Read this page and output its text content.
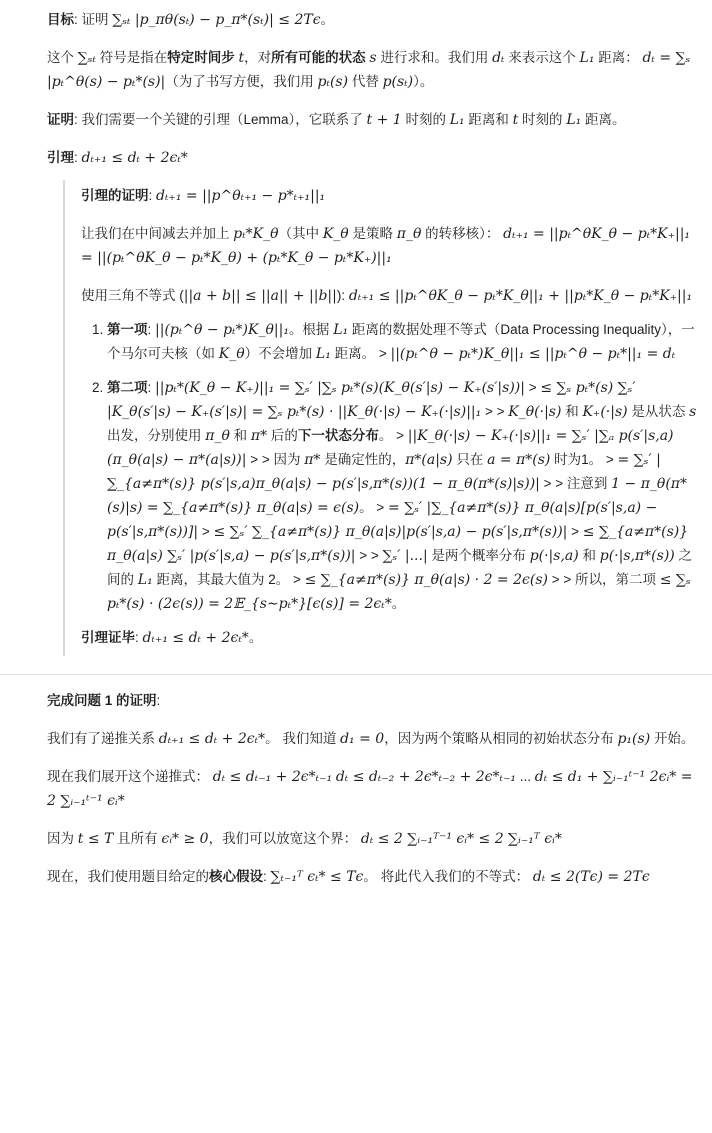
目标: 证明 ∑ₛₜ |p_πθ(sₜ) − p_π*(sₜ)| ≤ 2Tϵ。

这个 ∑ₛₜ 符号是指在特定时间步 t，对所有可能的状态 s 进行求和。我们用 dₜ 来表示这个 L₁ 距离： dₜ = ∑ₛ |pₜ^θ(s) − pₜ*(s)|（为了书写方便，我们用 pₜ(s) 代替 p(sₜ)）。

证明: 我们需要一个关键的引理（Lemma），它联系了 t + 1 时刻的 L₁ 距离和 t 时刻的 L₁ 距离。

引理: dₜ₊₁ ≤ dₜ + 2ϵₜ*

引理的证明: dₜ₊₁ = ||p^θₜ₊₁ − p*ₜ₊₁||₁

让我们在中间减去并加上 pₜ*K_θ（其中 K_θ 是策略 π_θ 的转移核）： dₜ₊₁ = ||pₜ^θK_θ − pₜ*K₊||₁ = ||(pₜ^θK_θ − pₜ*K_θ) + (pₜ*K_θ − pₜ*K₊)||₁

使用三角不等式 (||a + b|| ≤ ||a|| + ||b||): dₜ₊₁ ≤ ||pₜ^θK_θ − pₜ*K_θ||₁ + ||pₜ*K_θ − pₜ*K₊||₁

1. 第一项: ||(pₜ^θ − pₜ*)K_θ||₁。根据 L₁ 距离的数据处理不等式（Data Processing Inequality），一个马尔可夫核（如 K_θ）不会增加 L₁ 距离。 > ||(pₜ^θ − pₜ*)K_θ||₁ ≤ ||pₜ^θ − pₜ*||₁ = dₜ
2. 第二项: ||pₜ*(K_θ − K₊)||₁ = ∑ₛ′ |∑ₛ pₜ*(s)(K_θ(s′|s) − K₊(s′|s))| > ≤ ∑ₛ pₜ*(s) ∑ₛ′ |K_θ(s′|s) − K₊(s′|s)| = ∑ₛ pₜ*(s) · ||K_θ(·|s) − K₊(·|s)||₁ > > K_θ(·|s) 和 K₊(·|s) 是从状态 s 出发，分别使用 π_θ 和 π* 后的下一状态分布。 > ||K_θ(·|s) − K₊(·|s)||₁ = ∑ₛ′ |∑ₐ p(s′|s,a)(π_θ(a|s) − π*(a|s))| > > 因为 π* 是确定性的，π*(a|s) 只在 a = π*(s) 时为1。 > = ∑ₛ′ |∑_{a≠π*(s)} p(s′|s,a)π_θ(a|s) − p(s′|s,π*(s))(1 − π_θ(π*(s)|s))| > > 注意到 1 − π_θ(π*(s)|s) = ∑_{a≠π*(s)} π_θ(a|s) = ϵ(s)。 > = ∑ₛ′ |∑_{a≠π*(s)} π_θ(a|s)[p(s′|s,a) − p(s′|s,π*(s))]| > ≤ ∑ₛ′ ∑_{a≠π*(s)} π_θ(a|s)|p(s′|s,a) − p(s′|s,π*(s))| > ≤ ∑_{a≠π*(s)} π_θ(a|s) ∑ₛ′ |p(s′|s,a) − p(s′|s,π*(s))| > > ∑ₛ′ |...| 是两个概率分布 p(·|s,a) 和 p(·|s,π*(s)) 之间的 L₁ 距离，其最大值为 2。 > ≤ ∑_{a≠π*(s)} π_θ(a|s) · 2 = 2ϵ(s) > > 所以，第二项 ≤ ∑ₛ pₜ*(s) · (2ϵ(s)) = 2𝔼_{s∼pₜ*}[ϵ(s)] = 2ϵₜ*。

引理证毕: dₜ₊₁ ≤ dₜ + 2ϵₜ*。

完成问题 1 的证明:

我们有了递推关系 dₜ₊₁ ≤ dₜ + 2ϵₜ*。 我们知道 d₁ = 0，因为两个策略从相同的初始状态分布 p₁(s) 开始。

现在我们展开这个递推式： dₜ ≤ dₜ₋₁ + 2ϵ*ₜ₋₁ dₜ ≤ dₜ₋₂ + 2ϵ*ₜ₋₂ + 2ϵ*ₜ₋₁ ... dₜ ≤ d₁ + ∑ᵢ₋₁ᵗ⁻¹ 2ϵᵢ* = 2 ∑ᵢ₋₁ᵗ⁻¹ ϵᵢ*

因为 t ≤ T 且所有 ϵᵢ* ≥ 0，我们可以放宽这个界： dₜ ≤ 2 ∑ᵢ₋₁ᵀ⁻¹ ϵᵢ* ≤ 2 ∑ᵢ₋₁ᵀ ϵᵢ*

现在，我们使用题目给定的核心假设: ∑ₜ₋₁ᵀ ϵₜ* ≤ Tϵ。 将此代入我们的不等式： dₜ ≤ 2(Tϵ) = 2Tϵ
